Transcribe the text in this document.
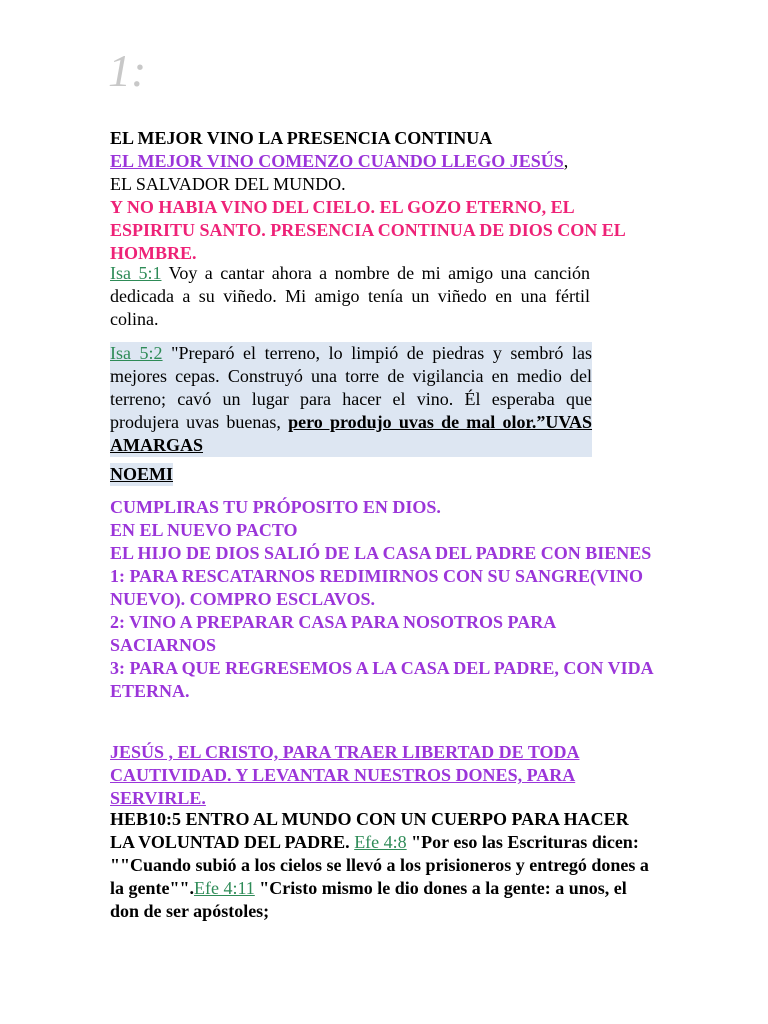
1:
EL MEJOR VINO LA PRESENCIA CONTINUA
EL MEJOR VINO COMENZO CUANDO LLEGO JESÚS,
EL SALVADOR DEL MUNDO.
Y NO HABIA VINO DEL CIELO. EL GOZO ETERNO, EL ESPIRITU SANTO. PRESENCIA CONTINUA DE DIOS CON EL HOMBRE.
Isa 5:1 Voy a cantar ahora a nombre de mi amigo una canción dedicada a su viñedo. Mi amigo tenía un viñedo en una fértil colina.
Isa 5:2 "Preparó el terreno, lo limpió de piedras y sembró las mejores cepas. Construyó una torre de vigilancia en medio del terreno; cavó un lugar para hacer el vino. Él esperaba que produjera uvas buenas, pero produjo uvas de mal olor.”UVAS AMARGAS
NOEMI
CUMPLIRAS TU PRÓPOSITO EN DIOS.
EN EL NUEVO PACTO
EL HIJO DE DIOS SALIÓ DE LA CASA DEL PADRE CON BIENES
1: PARA RESCATARNOS REDIMIRNOS CON SU SANGRE(VINO NUEVO). COMPRO ESCLAVOS.
2: VINO A PREPARAR CASA PARA NOSOTROS PARA SACIARNOS
3: PARA QUE REGRESEMOS A LA CASA DEL PADRE, CON VIDA ETERNA.
JESÚS , EL CRISTO, PARA TRAER LIBERTAD DE TODA CAUTIVIDAD. Y LEVANTAR NUESTROS DONES, PARA SERVIRLE.
HEB10:5 ENTRO AL MUNDO CON UN CUERPO PARA HACER LA VOLUNTAD DEL PADRE. Efe 4:8 "Por eso las Escrituras dicen: ""Cuando subió a los cielos se llevó a los prisioneros y entregó dones a la gente"".Efe 4:11 "Cristo mismo le dio dones a la gente: a unos, el don de ser apóstoles;
